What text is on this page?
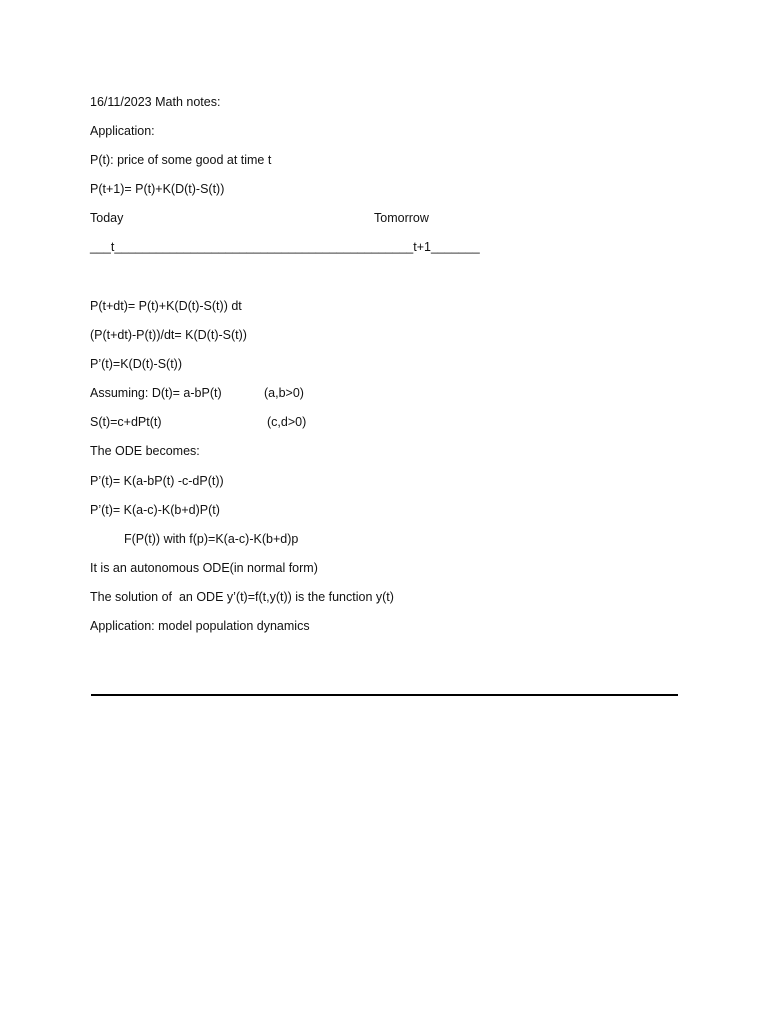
16/11/2023 Math notes:

Application:

P(t): price of some good at time t

P(t+1)= P(t)+K(D(t)-S(t))

Today	Tomorrow

___t___________________________________________t+1_______

P(t+dt)= P(t)+K(D(t)-S(t)) dt

(P(t+dt)-P(t))/dt= K(D(t)-S(t))

P’(t)=K(D(t)-S(t))

Assuming: D(t)= a-bP(t)	(a,b>0)
S(t)=c+dPt(t)	(c,d>0)

The ODE becomes:

P’(t)= K(a-bP(t) -c-dP(t))

P’(t)= K(a-c)-K(b+d)P(t)

F(P(t)) with f(p)=K(a-c)-K(b+d)p

It is an autonomous ODE(in normal form)

The solution of  an ODE y’(t)=f(t,y(t)) is the function y(t)

Application: model population dynamics
